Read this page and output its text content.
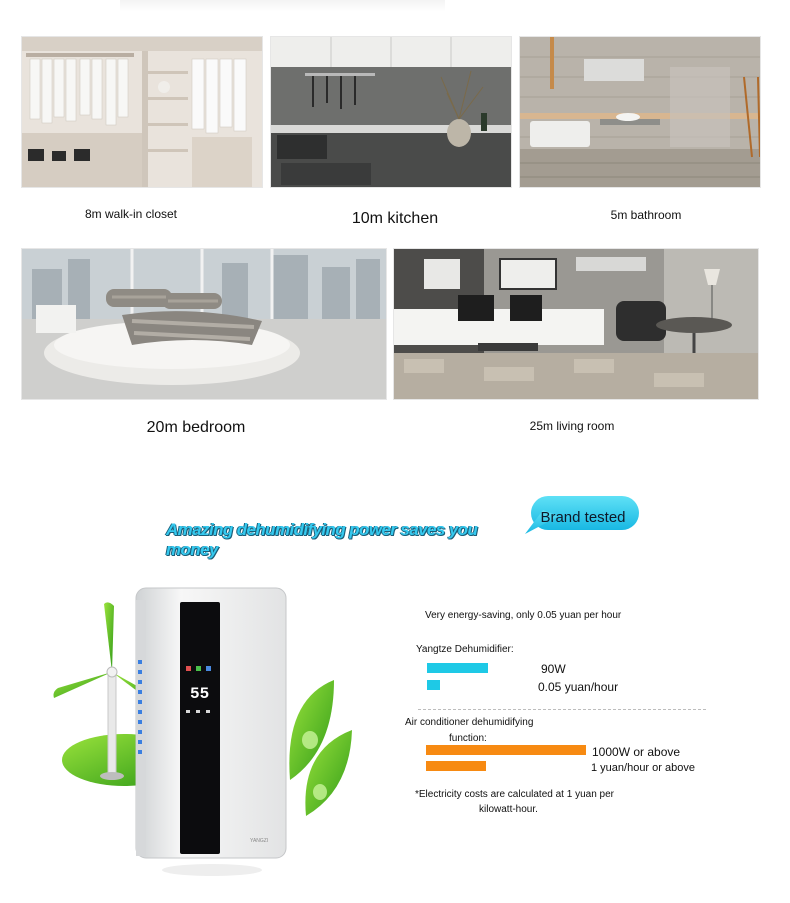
8m walk-in closet	10m kitchen	5m bathroom
20m bedroom	25m living room
Amazing dehumidifying power saves you money
Brand tested
55
YANGZI
Very energy-saving, only 0.05 yuan per hour
Yangtze Dehumidifier:
90W
0.05 yuan/hour
Air conditioner dehumidifying
function:
1000W or above
1 yuan/hour or above
*Electricity costs are calculated at 1 yuan per
kilowatt-hour.
